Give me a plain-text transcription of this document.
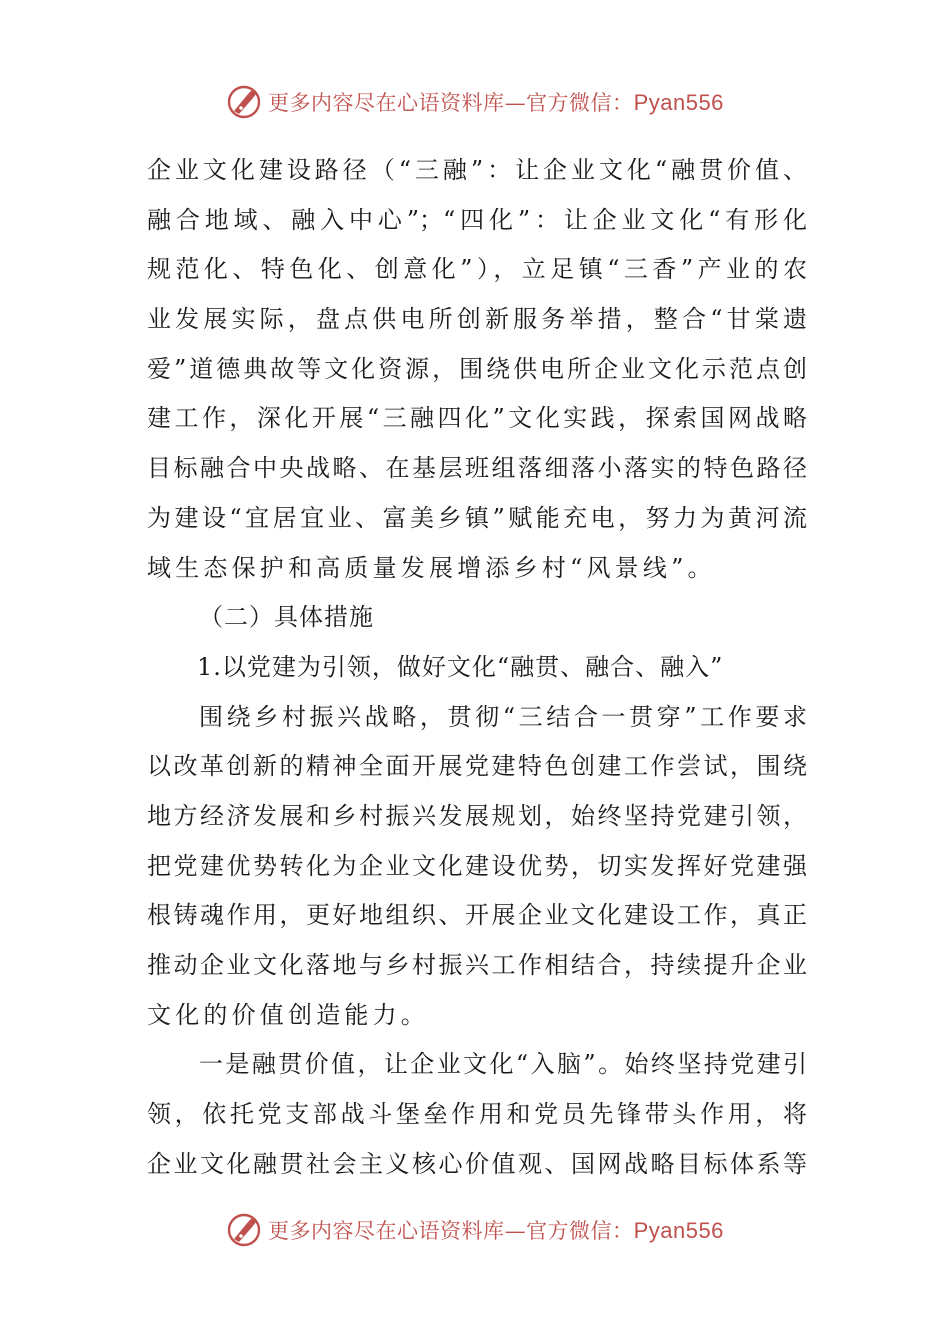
更多内容尽在心语资料库—官方微信：Pyan556
企业文化建设路径（“三融”：让企业文化“融贯价值、
融合地域、融入中心”；“四化”：让企业文化“有形化
规范化、特色化、创意化”），立足镇“三香”产业的农
业发展实际，盘点供电所创新服务举措，整合“甘棠遗
爱”道德典故等文化资源，围绕供电所企业文化示范点创
建工作，深化开展“三融四化”文化实践，探索国网战略
目标融合中央战略、在基层班组落细落小落实的特色路径
为建设“宜居宜业、富美乡镇”赋能充电，努力为黄河流
域生态保护和高质量发展增添乡村“风景线”。
（二）具体措施
1.以党建为引领，做好文化“融贯、融合、融入”
围绕乡村振兴战略，贯彻“三结合一贯穿”工作要求
以改革创新的精神全面开展党建特色创建工作尝试，围绕
地方经济发展和乡村振兴发展规划，始终坚持党建引领，
把党建优势转化为企业文化建设优势，切实发挥好党建强
根铸魂作用，更好地组织、开展企业文化建设工作，真正
推动企业文化落地与乡村振兴工作相结合，持续提升企业
文化的价值创造能力。
一是融贯价值，让企业文化“入脑”。始终坚持党建引
领，依托党支部战斗堡垒作用和党员先锋带头作用，将
企业文化融贯社会主义核心价值观、国网战略目标体系等
更多内容尽在心语资料库—官方微信：Pyan556
